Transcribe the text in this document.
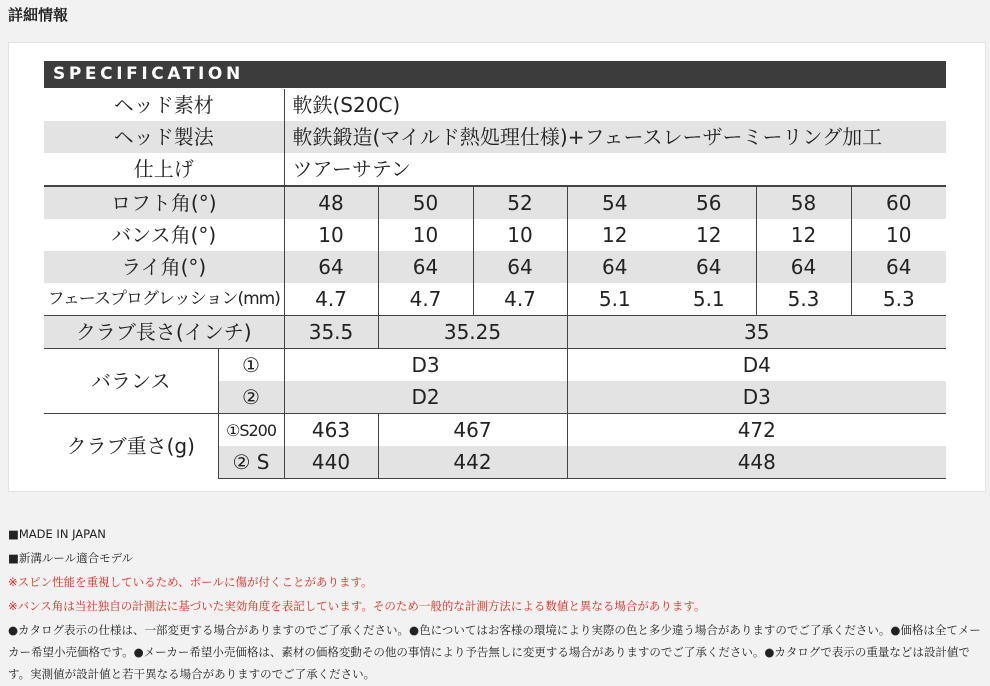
詳細情報
SPECIFICATION
ヘッド素材		軟鉄(S20C)						
ヘッド製法		軟鉄鍛造(マイルド熱処理仕様)+フェースレーザーミーリング加工						
仕上げ		ツアーサテン						
ロフト角(°)		48	50	52	54	56	58	60
バンス角(°)		10	10	10	12	12	12	10
ライ角(°)		64	64	64	64	64	64	64
フェースプログレッション(mm)		4.7	4.7	4.7	5.1	5.1	5.3	5.3
クラブ長さ(インチ)		35.5	35.25		35			
バランス	①	D3			D4			
	②	D2			D3			
クラブ重さ(g)	①S200	463	467		472			
	② S	440	442		448			
■MADE IN JAPAN
■新溝ルール適合モデル
※スピン性能を重視しているため、ボールに傷が付くことがあります。
※バンス角は当社独自の計測法に基づいた実効角度を表記しています。そのため一般的な計測方法による数値と異なる場合があります。
●カタログ表示の仕様は、一部変更する場合がありますのでご了承ください。●色についてはお客様の環境により実際の色と多少違う場合がありますのでご了承ください。●価格は全てメーカー希望小売価格です。●メーカー希望小売価格は、素材の価格変動その他の事情により予告無しに変更する場合がありますのでご了承ください。●カタログで表示の重量などは設計値です。実測値が設計値と若干異なる場合がありますのでご了承ください。
